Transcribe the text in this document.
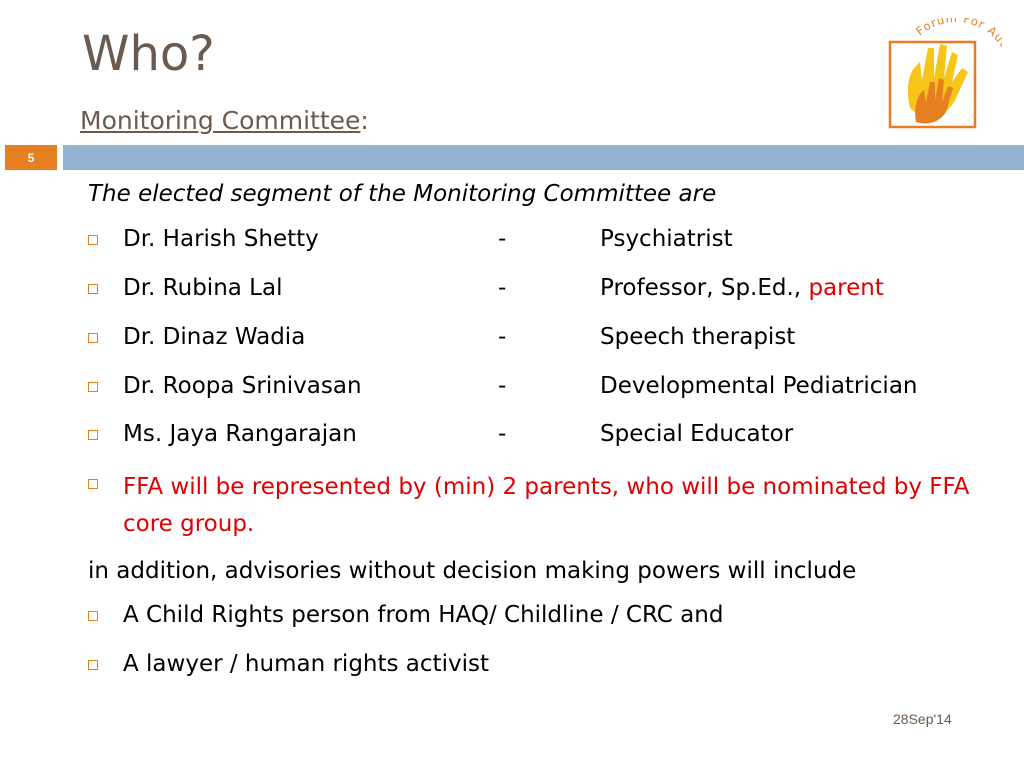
Who?
Monitoring Committee:
Forum For A
5
The elected segment of the Monitoring Committee are
Dr. Harish Shetty	-	Psychiatrist
Dr. Rubina Lal	-	Professor, Sp.Ed., parent
Dr. Dinaz Wadia	-	Speech therapist
Dr. Roopa Srinivasan	-	Developmental Pediatrician
Ms. Jaya Rangarajan	-	Special Educator
FFA will be represented by (min) 2 parents, who will be nominated by FFA core group.
in addition, advisories without decision making powers will include
A Child Rights person from HAQ/ Childline / CRC and
A lawyer / human rights activist
28Sep'14
